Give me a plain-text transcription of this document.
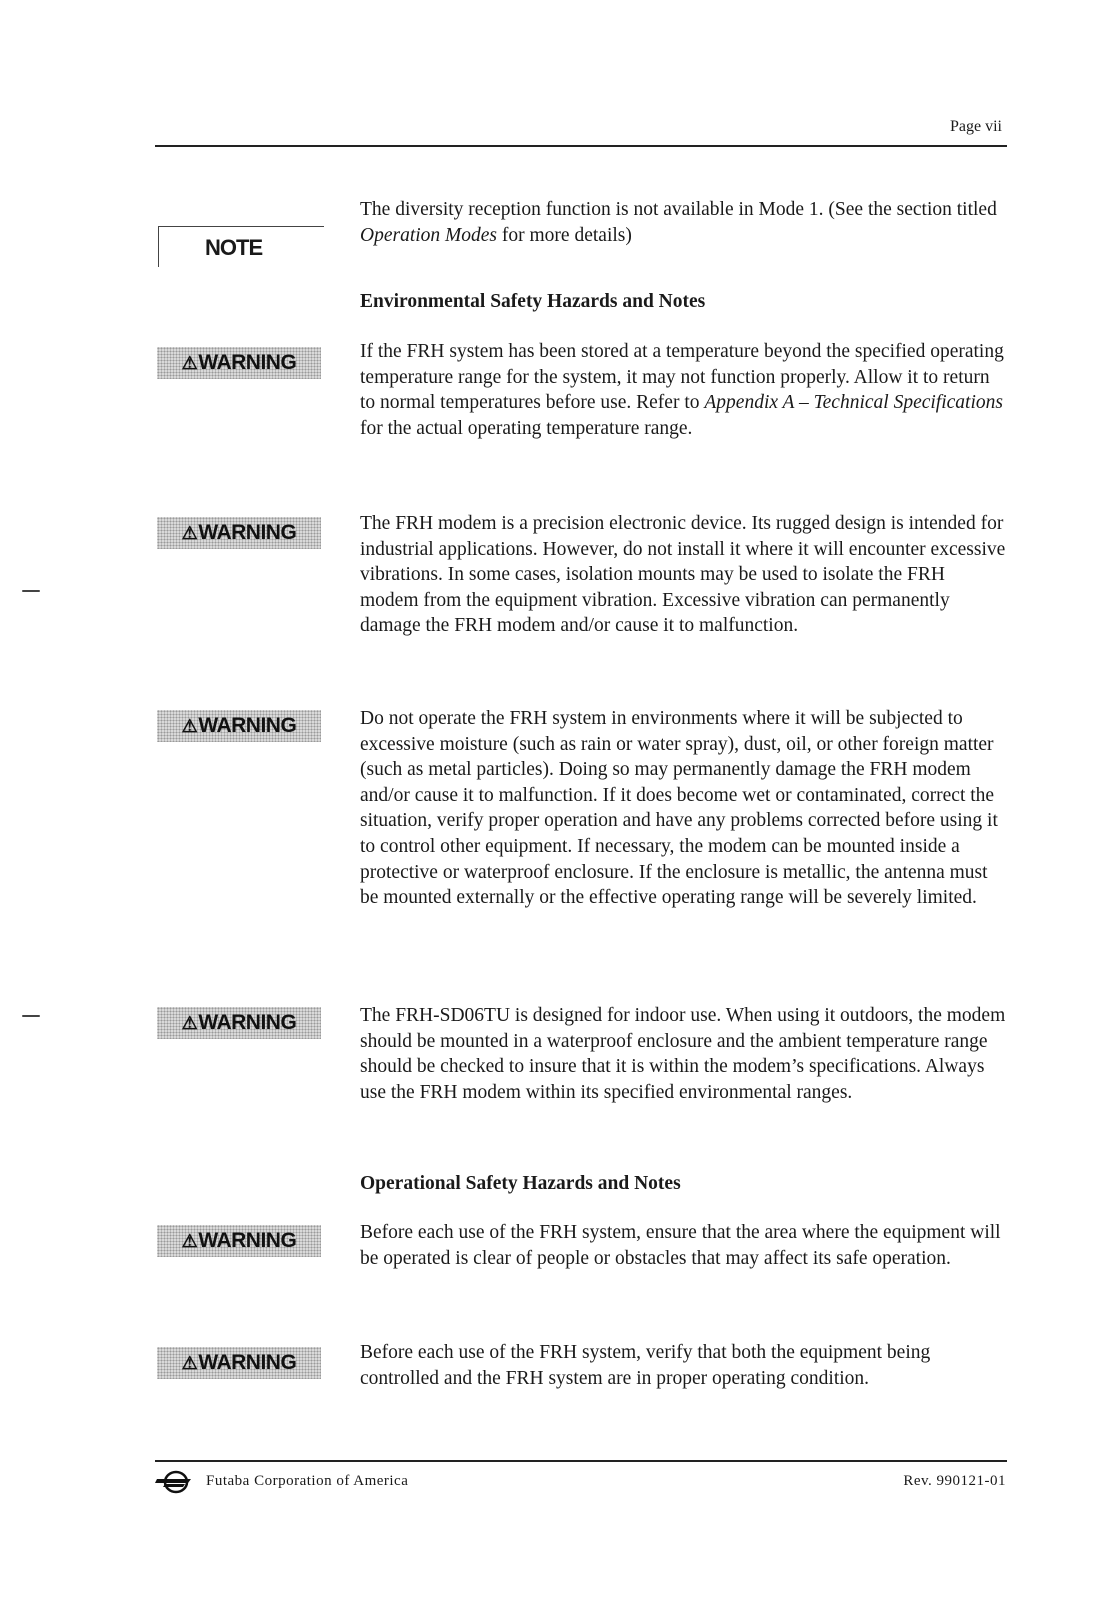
Page vii
NOTE

The diversity reception function is not available in Mode 1. (See the section titled Operation Modes for more details)

Environmental Safety Hazards and Notes
⚠ WARNING	If the FRH system has been stored at a temperature beyond the specified operating temperature range for the system, it may not function properly. Allow it to return to normal temperatures before use. Refer to Appendix A – Technical Specifications for the actual operating temperature range.

⚠ WARNING	The FRH modem is a precision electronic device. Its rugged design is intended for industrial applications. However, do not install it where it will encounter excessive vibrations. In some cases, isolation mounts may be used to isolate the FRH modem from the equipment vibration. Excessive vibration can permanently damage the FRH modem and/or cause it to malfunction.
⚠ WARNING	Do not operate the FRH system in environments where it will be subjected to excessive moisture (such as rain or water spray), dust, oil, or other foreign matter (such as metal particles). Doing so may permanently damage the FRH modem and/or cause it to malfunction. If it does become wet or contaminated, correct the situation, verify proper operation and have any problems corrected before using it to control other equipment. If necessary, the modem can be mounted inside a protective or waterproof enclosure. If the enclosure is metallic, the antenna must be mounted externally or the effective operating range will be severely limited.
⚠ WARNING	The FRH-SD06TU is designed for indoor use. When using it outdoors, the modem should be mounted in a waterproof enclosure and the ambient temperature range should be checked to insure that it is within the modem’s specifications. Always use the FRH modem within its specified environmental ranges.
Operational Safety Hazards and Notes
⚠ WARNING	Before each use of the FRH system, ensure that the area where the equipment will be operated is clear of people or obstacles that may affect its safe operation.
⚠ WARNING	Before each use of the FRH system, verify that both the equipment being controlled and the FRH system are in proper operating condition.
Futaba Corporation of America	Rev. 990121-01
